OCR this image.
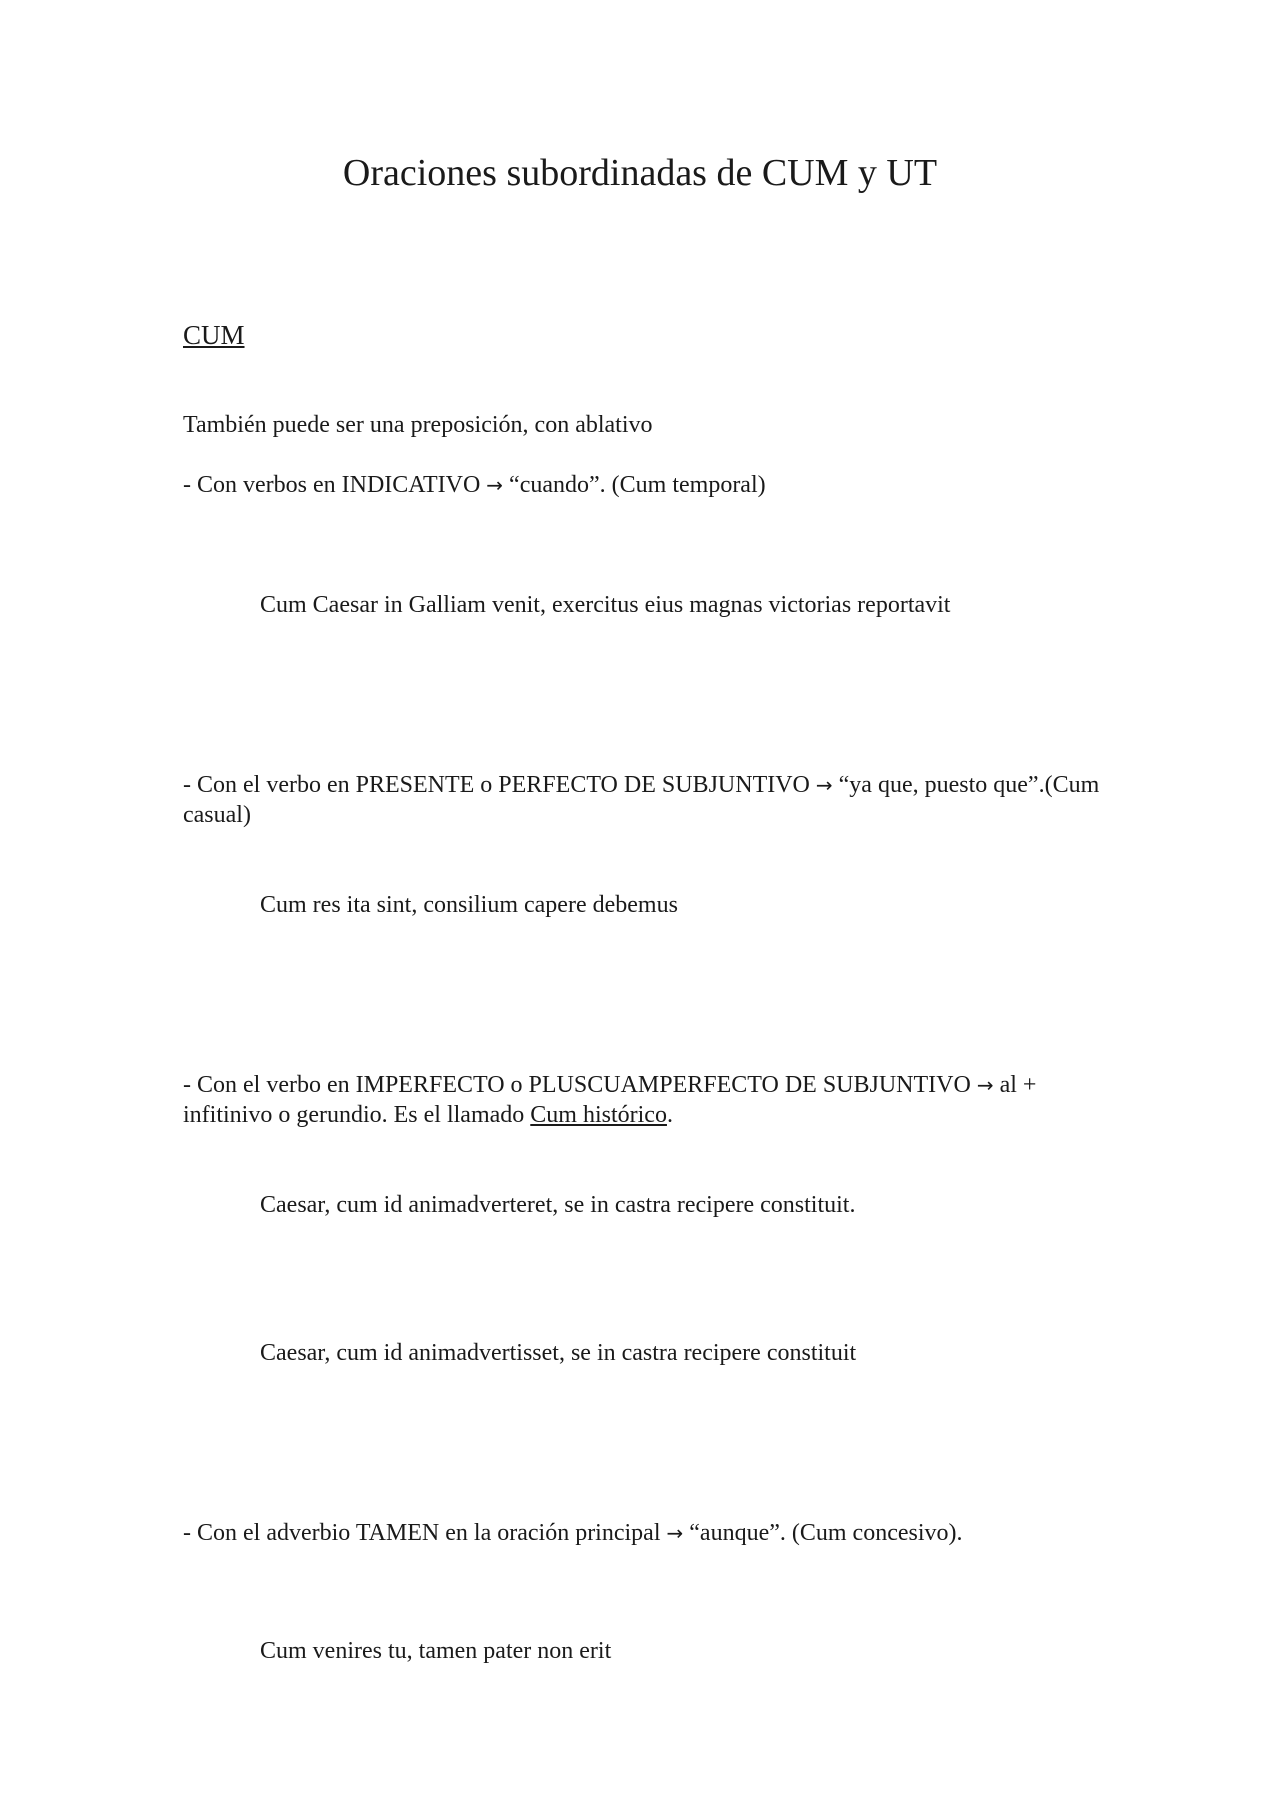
Oraciones subordinadas de CUM y UT
CUM
También puede ser una preposición, con ablativo
- Con verbos en INDICATIVO → “cuando”. (Cum temporal)
Cum Caesar in Galliam venit, exercitus eius magnas victorias reportavit
- Con el verbo en PRESENTE o PERFECTO DE SUBJUNTIVO → “ya que, puesto que”.(Cum casual)
Cum res ita sint, consilium capere debemus
- Con el verbo en IMPERFECTO o PLUSCUAMPERFECTO DE SUBJUNTIVO → al + infitinivo o gerundio. Es el llamado Cum histórico.
Caesar, cum id animadverteret, se in castra recipere constituit.
Caesar, cum id animadvertisset, se in castra recipere constituit
- Con el adverbio TAMEN en la oración principal → “aunque”. (Cum concesivo).
Cum venires tu, tamen pater non erit
